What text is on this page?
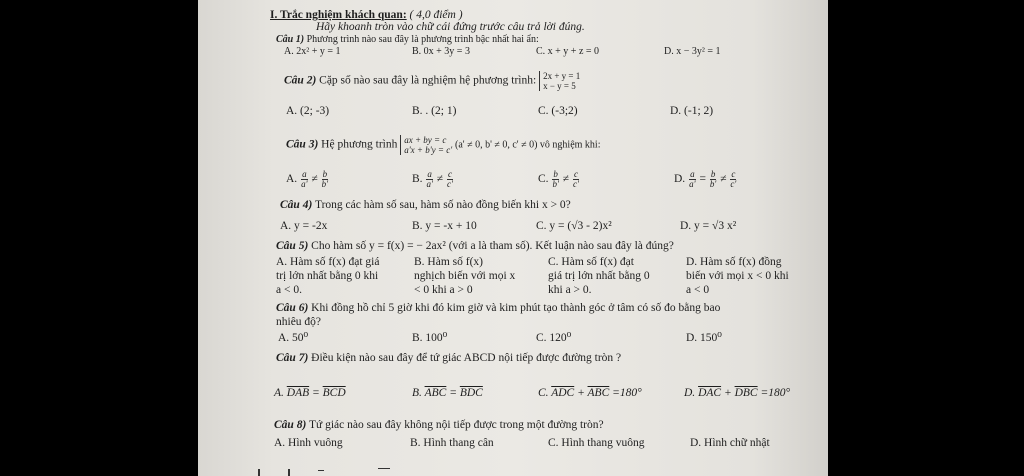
I. Trắc nghiệm khách quan: ( 4,0 điểm )
Hãy khoanh tròn vào chữ cái đứng trước câu trả lời đúng.
Câu 1) Phương trình nào sau đây là phương trình bậc nhất hai ẩn:
A. 2x² + y = 1	B. 0x + 3y = 3	C. x + y + z = 0	D. x − 3y² = 1
Câu 2) Cặp số nào sau đây là nghiệm hệ phương trình: 2x + y = 1
x − y = 5
A. (2; -3)	B. . (2; 1)	C. (-3;2)	D. (-1; 2)
Câu 3) Hệ phương trình ax + by = c
a'x + b'y = c' (a' ≠ 0, b' ≠ 0, c' ≠ 0) vô nghiệm khi:
A. $\frac{a}{a'} \ne \frac{b}{b'}$	B. $\frac{a}{a'} \ne \frac{c}{c'}$	C. $\frac{b}{b'} \ne \frac{c}{c'}$	D. $\frac{a}{a'} = \frac{b}{b'} \ne \frac{c}{c'}$
Câu 4) Trong các hàm số sau, hàm số nào đồng biến khi x > 0?
A. y = -2x	B. y = -x + 10	C. y = (√3 - 2)x²	D. y = √3 x²
Câu 5) Cho hàm số y = f(x) = − 2ax² (với a là tham số). Kết luận nào sau đây là đúng?
A. Hàm số f(x) đạt giá
trị lớn nhất bằng 0 khi
a < 0.
B. Hàm số f(x)
nghịch biến với mọi x
< 0 khi a > 0
C. Hàm số f(x) đạt
giá trị lớn nhất bằng 0
khi a > 0.
D. Hàm số f(x) đồng
biến với mọi x < 0 khi
a < 0
Câu 6) Khi đồng hồ chỉ 5 giờ khi đó kim giờ và kim phút tạo thành góc ở tâm có số đo bằng bao
nhiêu độ?
A. 50⁰	B. 100⁰	C. 120⁰	D. 150⁰
Câu 7) Điều kiện nào sau đây để tứ giác ABCD nội tiếp được đường tròn ?
A. $\overline{DAB} = \overline{BCD}$	B. $\overline{ABC} = \overline{BDC}$	C. $\overline{ADC} + \overline{ABC} =180^\circ$	D. $\overline{DAC} + \overline{DBC} =180^\circ$
Câu 8) Tứ giác nào sau đây không nội tiếp được trong một đường tròn?
A. Hình vuông	B. Hình thang cân	C. Hình thang vuông	D. Hình chữ nhật
